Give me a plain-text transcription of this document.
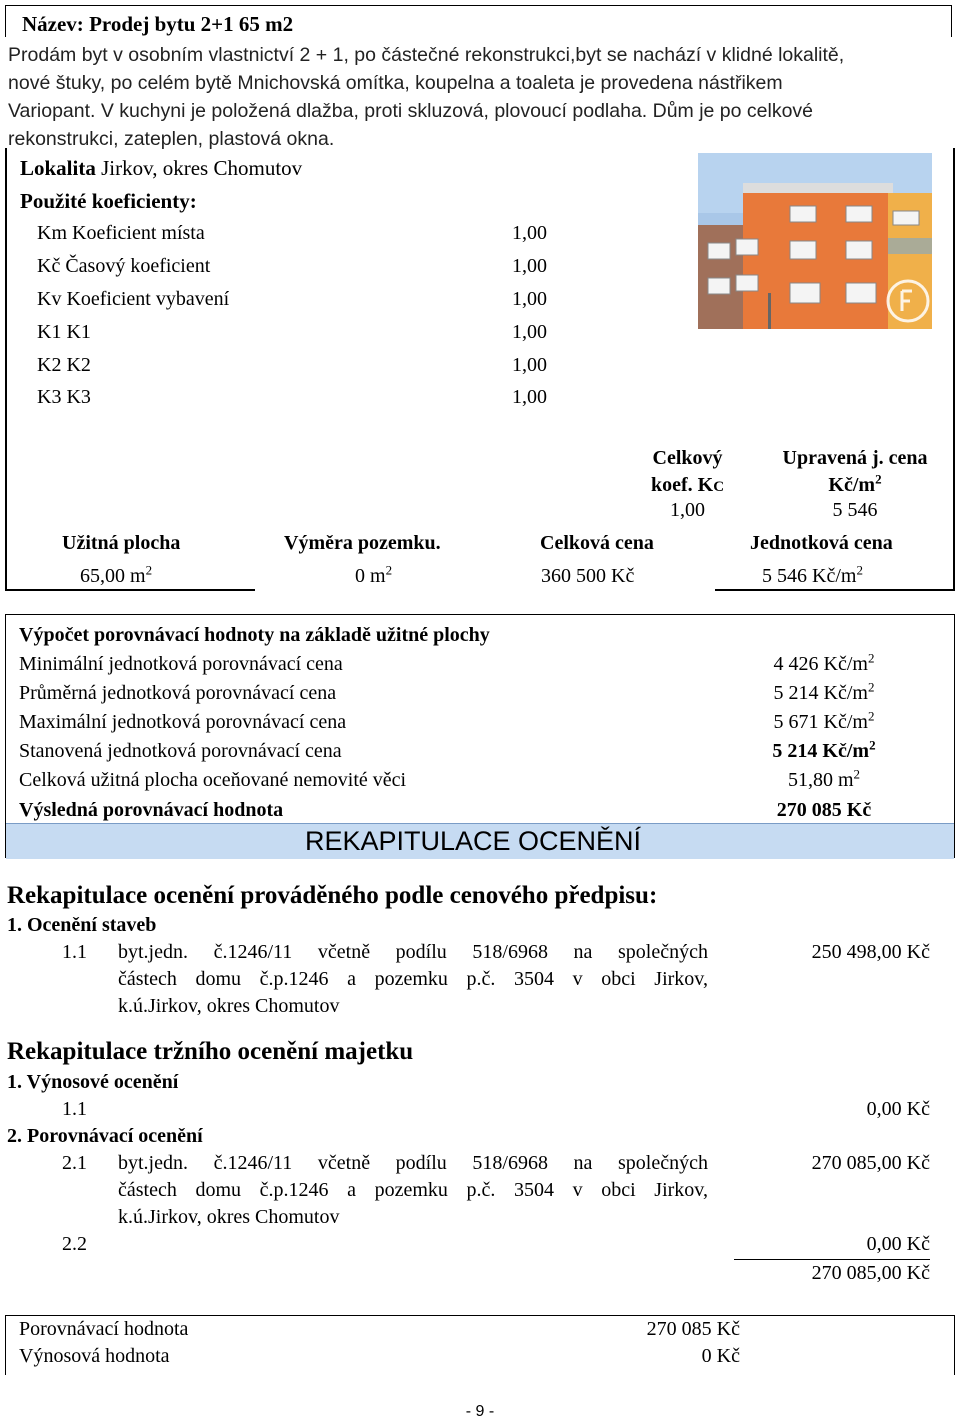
Název: Prodej bytu 2+1 65 m2
Prodám byt v osobním vlastnictví 2 + 1, po částečné rekonstrukci,byt se nachází v klidné lokalitě,
nové štuky, po celém bytě Mnichovská omítka, koupelna a toaleta je provedena nástřikem
Variopant. V kuchyni je položená dlažba, proti skluzová, plovoucí podlaha. Dům je po celkové
rekonstrukci, zateplen, plastová okna.
Lokalita Jirkov, okres Chomutov
Použité koeficienty:
Km Koeficient místa	1,00
Kč Časový koeficient	1,00
Kv Koeficient vybavení	1,00
K1 K1	1,00
K2 K2	1,00
K3 K3	1,00
Celkový
koef. KC
1,00
Upravená j. cena
$Kč/m^2$
5 546
Užitná plocha	Výměra pozemku.	Celková cena	Jednotková cena
65,00 $m^2$	0 $m^2$	360 500 Kč	5 546 $Kč/m^2$
REKAPITULACE OCENĚNÍ
Výpočet porovnávací hodnoty na základě užitné plochy
Minimální jednotková porovnávací cena	4 426 $Kč/m^2$
Průměrná jednotková porovnávací cena	5 214 $Kč/m^2$
Maximální jednotková porovnávací cena	5 671 $Kč/m^2$
Stanovená jednotková porovnávací cena	5 214 $Kč/m^2$
Celková užitná plocha oceňované nemovité věci	51,80 $m^2$
Výsledná porovnávací hodnota	270 085 Kč
Rekapitulace ocenění prováděného podle cenového předpisu:
1. Ocenění staveb
1.1 byt.jedn. č.1246/11 včetně podílu 518/6968 na společných
částech domu č.p.1246 a pozemku p.č. 3504 v obci Jirkov,
k.ú.Jirkov, okres Chomutov
250 498,00 Kč
Rekapitulace tržního ocenění majetku
1. Výnosové ocenění
1.1	0,00 Kč
2. Porovnávací ocenění
2.1 byt.jedn. č.1246/11 včetně podílu 518/6968 na společných
částech domu č.p.1246 a pozemku p.č. 3504 v obci Jirkov,
k.ú.Jirkov, okres Chomutov
270 085,00 Kč
2.2	0,00 Kč
270 085,00 Kč
Porovnávací hodnota	270 085 Kč
Výnosová hodnota	0 Kč
- 9 -
